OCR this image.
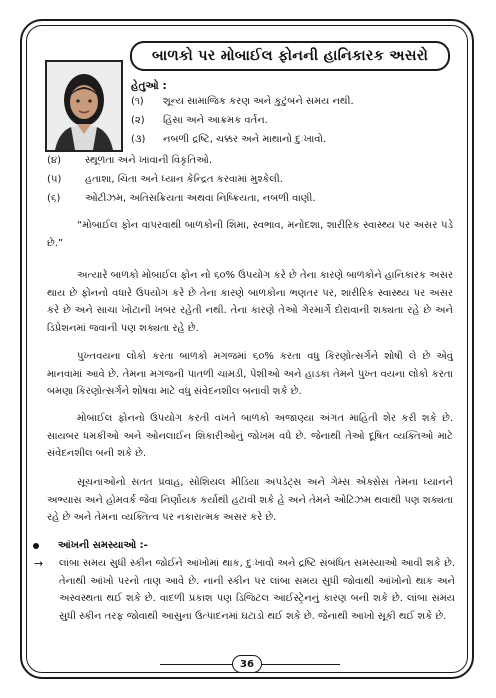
બાળકો પર મોબાઈલ ફોનની હાનિકારક અસરો
હેતુઓ :
(૧)	શૂન્ય સામાજિક કરણ અને કુટુંબને સમય નથી.
(૨)	હિંસા અને આક્રમક વર્તન.
(૩)	નબળી દ્રષ્ટિ, ચક્કર અને માથાનો દુઃખાવો.
(૪)	સ્થૂળતા અને ખાવાની વિકૃતિઓ.
(૫)	હતાશા, ચિંતા અને ધ્યાન કેન્દ્રિત કરવામાં મુશ્કેલી.
(૬)	ઓટીઝમ, અતિસક્રિયતા અથવા નિષ્ક્રિયતા, નબળી વાણી.

“મોબાઈલ ફોન વાપરવાથી બાળકોની શિમા, સ્વભાવ, મનોદશા, શારીરિક સ્વાસ્થ્ય પર અસર પડે છે.”

અત્યારે બાળકો મોબાઈલ ફોન નો ૬૦% ઉપયોગ કરે છે તેના કારણે બાળકોને હાનિકારક અસર થાય છે ફોનનો વધારે ઉપયોગ કરે છે તેના કારણે બાળકોના ભણતર પર, શારીરિક સ્વાસ્થ્ય પર અસર કરે છે અને સાચા ખોટાની ખબર રહેતી નથી. તેના કારણે તેઓ ગેરમાર્ગે દોરાવાની શક્યતા રહે છે અને ડિપ્રેશનમાં જવાની પણ શક્યતા રહે છે.

પુખ્તવયના લોકો કરતા બાળકો મગજમાં ૬૦% કરતા વધુ કિરણોત્સર્ગને શોષી લે છે એવું માનવામાં આવે છે. તેમના મગજની પાતળી ચામડી, પેશીઓ અને હાડકા તેમને પુખ્ત વયના લોકો કરતા બમણા કિરણોત્સર્ગને શોષવા માટે વધુ સંવેદનશીલ બનાવી શકે છે.

મોબાઈલ ફોનનો ઉપયોગ કરતી વખતે બાળકો અજાણ્યા અંગત માહિતી શેર કરી શકે છે. સાયબર ધમકીઓ અને ઓનલાઈન શિકારીઓનું જોખમ વધે છે. જેનાથી તેઓ દૂષિત વ્યક્તિઓ માટે સંવેદનશીલ બની શકે છે.

સૂચનાઓનો સતત પ્રવાહ, સોશિયલ મીડિયા અપડેટ્સ અને ગેમ્સ એક્સેસ તેમના ધ્યાનને અભ્યાસ અને હોમવર્ક જેવા નિર્ણાયક કર્યાથી હટાવી શકે હે અને તેમને ઓટિઝમ થવાથી પણ શક્યતા રહે છે અને તેમના વ્યક્તિત્વ પર નકારાત્મક અસર કરે છે.

આંખની સમસ્યાઓ :-
→ લાંબા સમય સુધી સ્કીન જોઈને આંખોમાં થાક, દુઃખાવો અને દ્રષ્ટિ સંબંધિત સમસ્યાઓ આવી શકે છે. તેનાથી આંખો પરનો તાણ આવે છે. નાની સ્કીન પર લાંબા સમય સુધી જોવાથી આંખોનો થાક અને અસ્વસ્થતા થઈ શકે છે. વાદળી પ્રકાશ પણ ડિજિટલ આઈસ્ટ્રેનનું કારણ બની શકે છે. લાંબા સમય સુધી સ્કીન તરફ જોવાથી આસુના ઉત્પાદનમાં ઘટાડો થઈ શકે છે. જેનાથી આખો સૂકી થઈ શકે છે.

36
